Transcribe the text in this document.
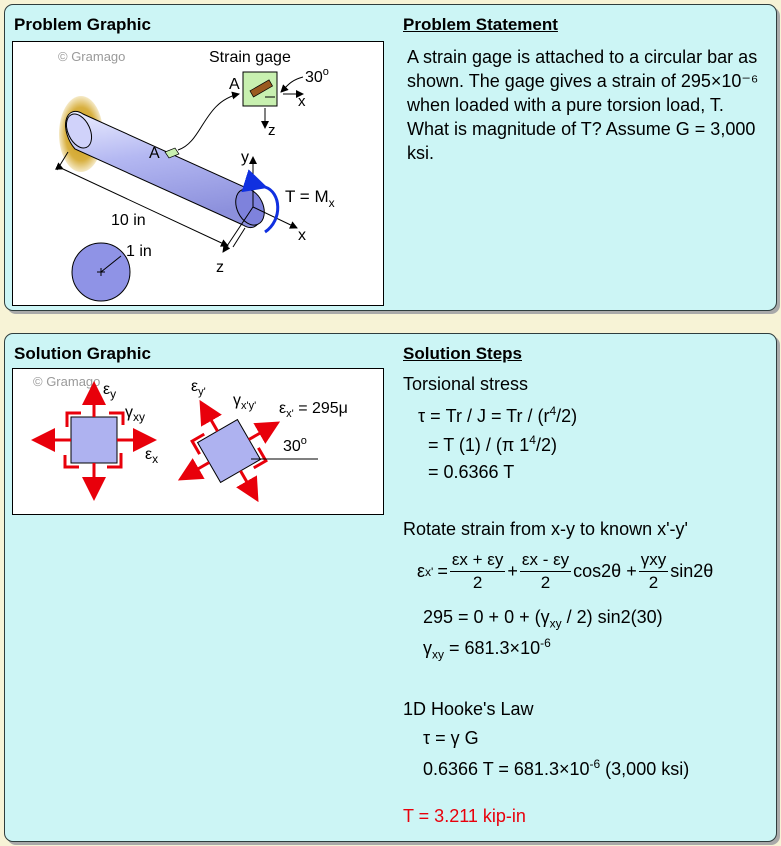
Problem Graphic	Problem Statement
© Gramago
A
Strain gage
A
x
z
30$^o$
y
x
z
$T = M_x$
10 in
1 in
A strain gage is attached to a circular bar as shown. The gage gives a strain of 295×10⁻⁶ when loaded with a pure torsion load, T. What is magnitude of T? Assume G = 3,000 ksi.
Solution Graphic	Solution Steps
© Gramago $\varepsilon_y$
$\gamma_{xy}$
$\varepsilon_x$
30$^o$
$\varepsilon_{y'}$ $\gamma_{x'y'}$ $\varepsilon_{x'} = 295\mu$
Torsional stress
$\tau = Tr / J = Tr / (r^4/2)$
= T (1) / (π $1^4/2$)
= 0.6366 T
Rotate strain from x-y to known x'-y'
ε $x' = \frac{\varepsilon x + \varepsilon y}{2} + \frac{\varepsilon x - \varepsilon y}{2} \cos 2\theta + \frac{\text{γxy}}{2} \sin 2\theta$
$295 = 0 + 0 + (\gamma_{xy} / 2)$ sin2(30)
$\gamma_{xy} = 681.3\times 10^{-6}$
1D Hooke's Law
τ = γ G
0.6366 $T = 681.3\times 10^{-6}$ (3,000 ksi)
T = 3.211 kip-in
